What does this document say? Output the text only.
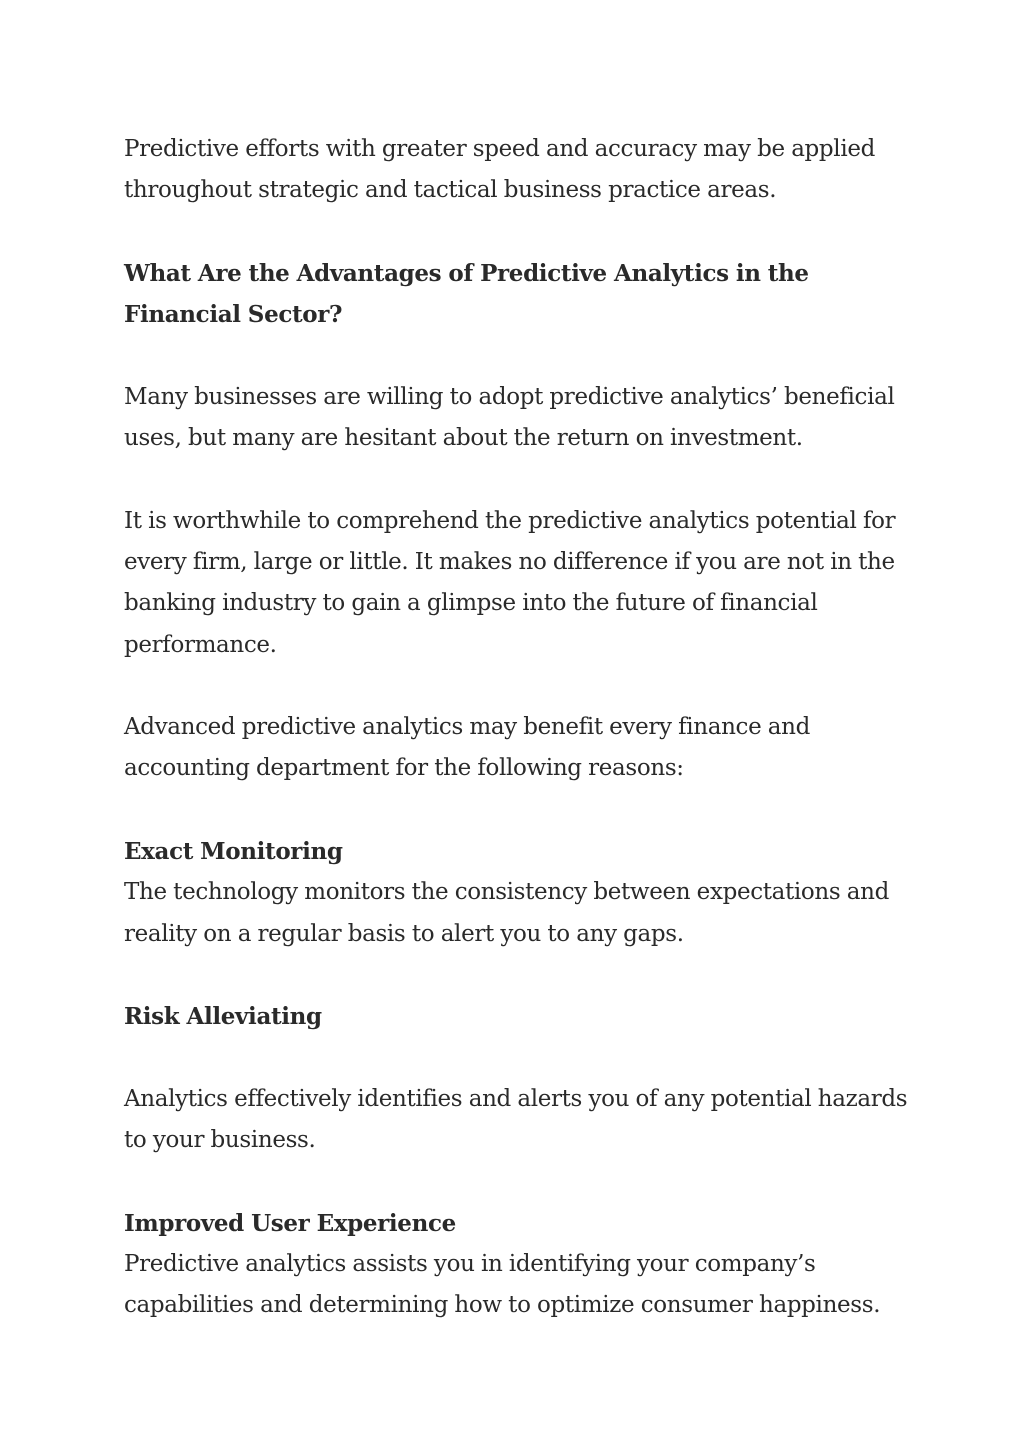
Predictive efforts with greater speed and accuracy may be applied throughout strategic and tactical business practice areas.

What Are the Advantages of Predictive Analytics in the Financial Sector?

Many businesses are willing to adopt predictive analytics’ beneficial uses, but many are hesitant about the return on investment.

It is worthwhile to comprehend the predictive analytics potential for every firm, large or little. It makes no difference if you are not in the banking industry to gain a glimpse into the future of financial performance.

Advanced predictive analytics may benefit every finance and accounting department for the following reasons:

Exact Monitoring

The technology monitors the consistency between expectations and reality on a regular basis to alert you to any gaps.

Risk Alleviating

Analytics effectively identifies and alerts you of any potential hazards to your business.

Improved User Experience

Predictive analytics assists you in identifying your company’s capabilities and determining how to optimize consumer happiness.
